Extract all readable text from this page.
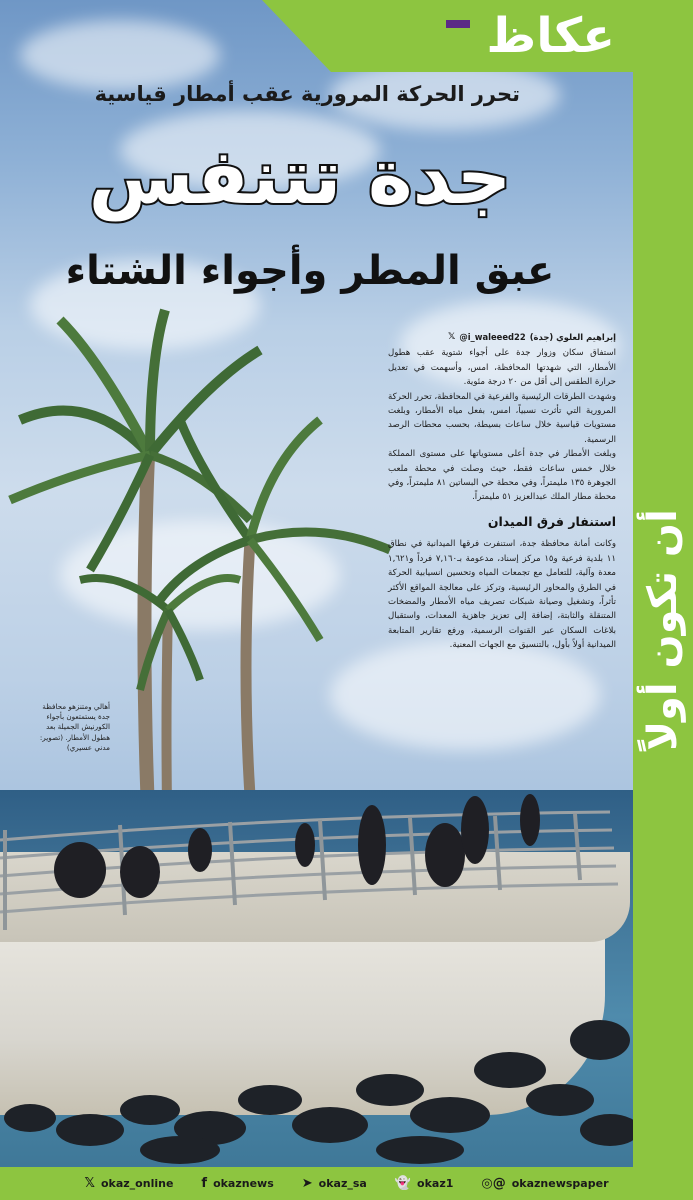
عكاظ
تحرر الحركة المرورية عقب أمطار قياسية
جدة تتنفس
عبق المطر وأجواء الشتاء
إبراهيم العلوي (جدة)
@i_waleeed22
𝕏

استفاق سكان وزوار جدة على أجواء شتوية عقب هطول الأمطار، التي شهدتها المحافظة، امس، وأسهمت في تعديل حرارة الطقس إلى أقل من ٢٠ درجة مئوية.

وشهدت الطرقات الرئيسية والفرعية في المحافظة، تحرر الحركة المرورية التي تأثرت نسبياً، امس، بفعل مياه الأمطار، وبلغت مستويات قياسية خلال ساعات بسيطة، بحسب محطات الرصد الرسمية.

وبلغت الأمطار في جدة أعلى مستوياتها على مستوى المملكة خلال خمس ساعات فقط، حيث وصلت في محطة ملعب الجوهرة ١٣٥ مليمتراً، وفي محطة حي البساتين ٨١ مليمتراً، وفي محطة مطار الملك عبدالعزيز ٥١ مليمتراً.

استنفار فرق الميدان

وكانت أمانة محافظة جدة، استنفرت فرقها الميدانية في نطاق ١١ بلدية فرعية و١٥ مركز إسناد، مدعومة بـ٧,١٦٠ فرداً و١,٦٢١ معدة وآلية، للتعامل مع تجمعات المياه وتحسين انسيابية الحركة في الطرق والمحاور الرئيسية، وتركز على معالجة المواقع الأكثر تأثراً، وتشغيل وصيانة شبكات تصريف مياه الأمطار والمضخات المتنقلة والثابتة، إضافة إلى تعزيز جاهزية المعدات، واستقبال بلاغات السكان عبر القنوات الرسمية، ورفع تقارير المتابعة الميدانية أولاً بأول، بالتنسيق مع الجهات المعنية.

أهالي ومتنزهو محافظة جدة يستمتعون بأجواء الكورنيش الجميلة بعد هطول الأمطار. (تصوير: مدني عسيري)	أن تكون أولاً
𝕏 okaz_online f okaznews ➤ okaz_sa 👻 okaz1 ◎@ okaznewspaper
